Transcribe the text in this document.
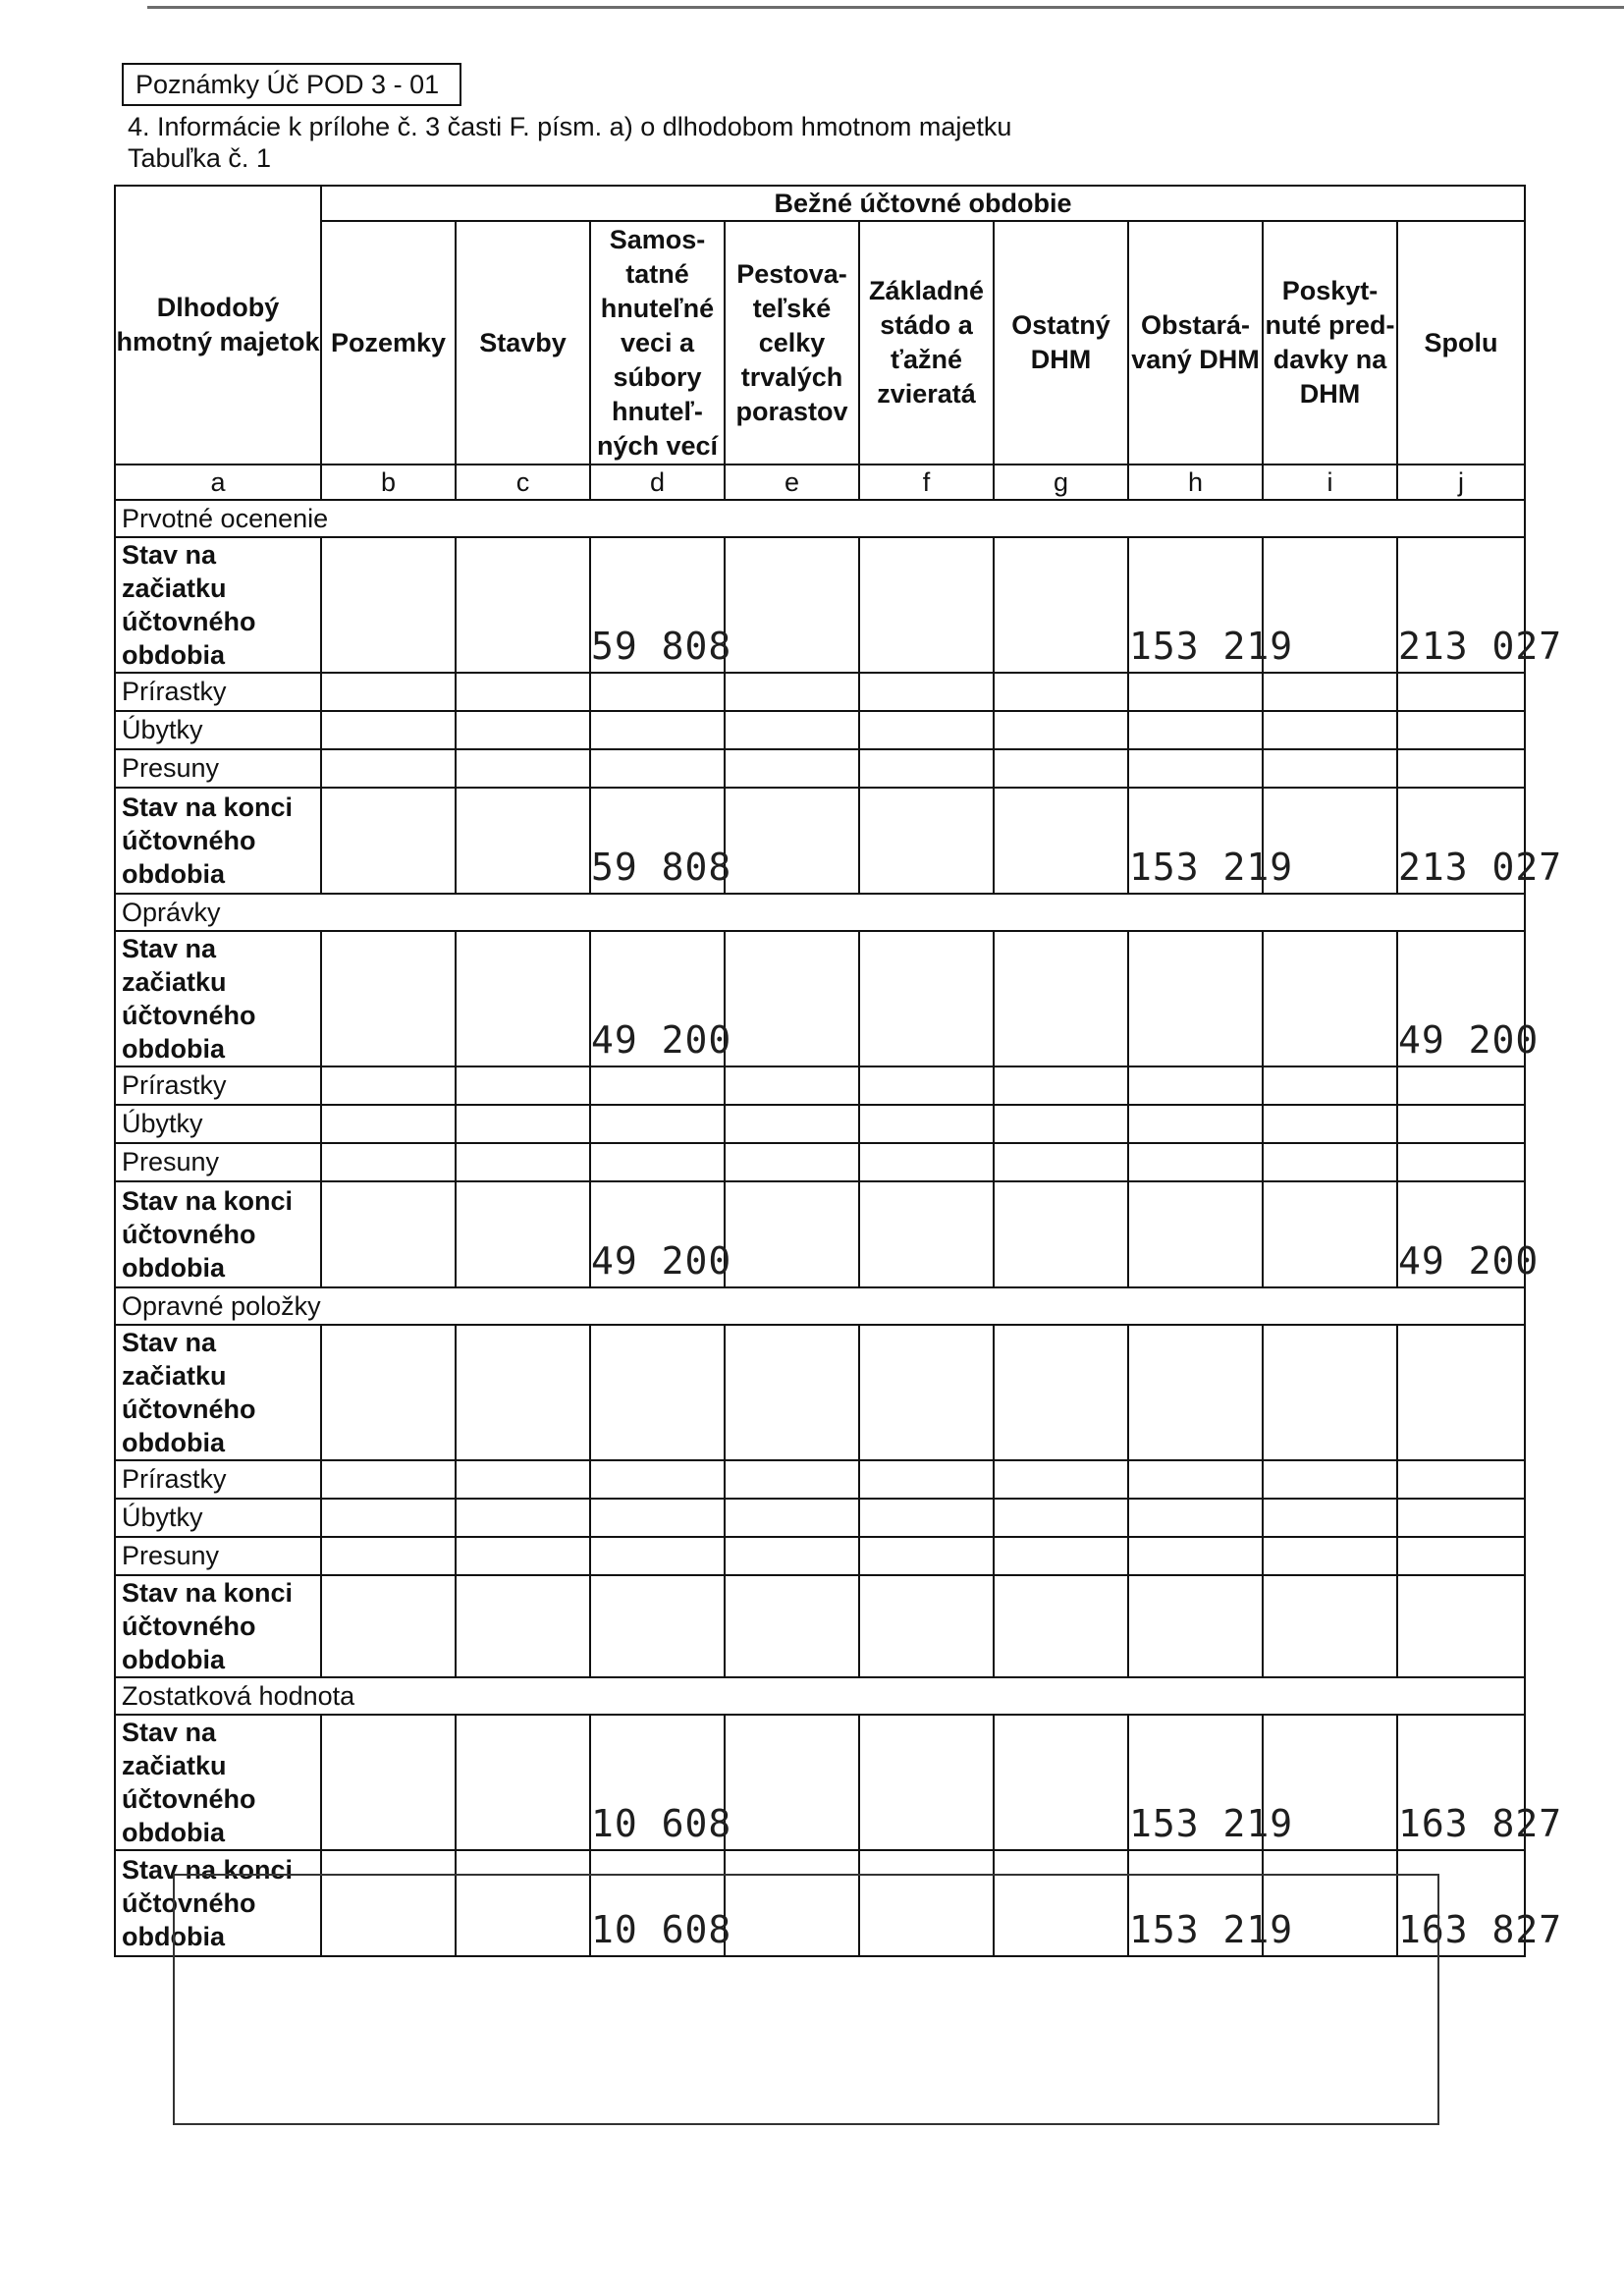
Poznámky Úč POD 3 - 01
4. Informácie k prílohe č. 3 časti F. písm. a) o dlhodobom hmotnom majetku
Tabuľka č. 1
Dlhodobý hmotný majetok	Bežné účtovné obdobie								
	Pozemky	Stavby	Samos-tatné hnuteľné veci a súbory hnuteľ-ných vecí	Pestova-teľské celky trvalých porastov	Základné stádo a ťažné zvieratá	Ostatný DHM	Obstará-vaný DHM	Poskyt-nuté pred-davky na DHM	Spolu
a	b	c	d	e	f	g	h	i	j
Prvotné ocenenie									
Stav na začiatku účtovného obdobia			59 808				153 219		213 027
Prírastky									
Úbytky									
Presuny									
Stav na konci účtovného obdobia			59 808				153 219		213 027
Oprávky									
Stav na začiatku účtovného obdobia			49 200						49 200
Prírastky									
Úbytky									
Presuny									
Stav na konci účtovného obdobia			49 200						49 200
Opravné položky									
Stav na začiatku účtovného obdobia									
Prírastky									
Úbytky									
Presuny									
Stav na konci účtovného obdobia									
Zostatková hodnota									
Stav na začiatku účtovného obdobia			10 608				153 219		163 827
Stav na konci účtovného obdobia			10 608				153 219		163 827
